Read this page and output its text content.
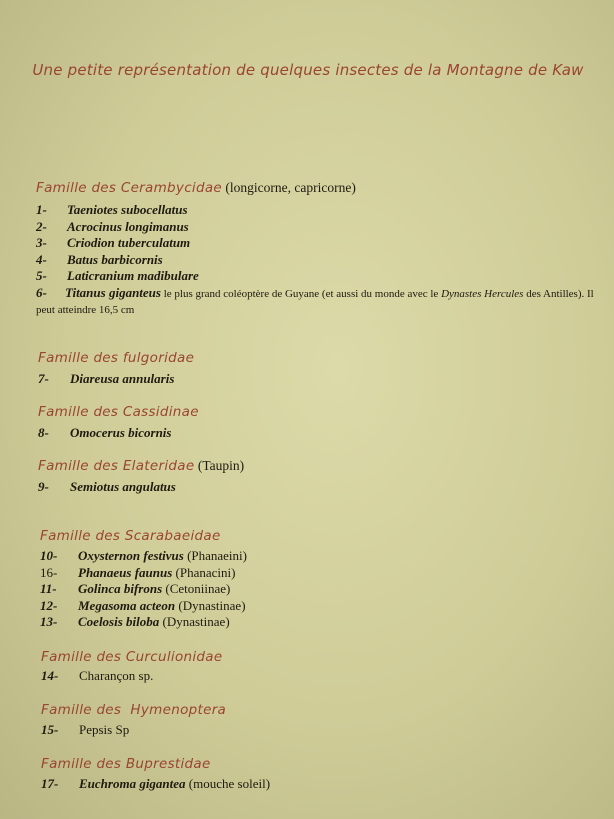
Une petite représentation de quelques insectes de la Montagne de Kaw
Famille des Cerambycidae (longicorne, capricorne)
1- Taeniotes subocellatus
2- Acrocinus longimanus
3- Criodion tuberculatum
4- Batus barbicornis
5- Laticranium madibulare
6- Titanus giganteus le plus grand coléoptère de Guyane (et aussi du monde avec le Dynastes Hercules des Antilles). Il peut atteindre 16,5 cm
Famille des fulgoridae
7- Diareusa annularis
Famille des Cassidinae
8- Omocerus bicornis
Famille des Elateridae (Taupin)
9- Semiotus angulatus
Famille des Scarabaeidae
10- Oxysternon festivus (Phanaeini)
16- Phanaeus faunus (Phanacini)
11- Golinca bifrons (Cetoniinae)
12- Megasoma acteon (Dynastinae)
13- Coelosis biloba (Dynastinae)
Famille des Curculionidae
14- Charançon sp.
Famille des  Hymenoptera
15- Pepsis Sp
Famille des Buprestidae
17- Euchroma gigantea (mouche soleil)
